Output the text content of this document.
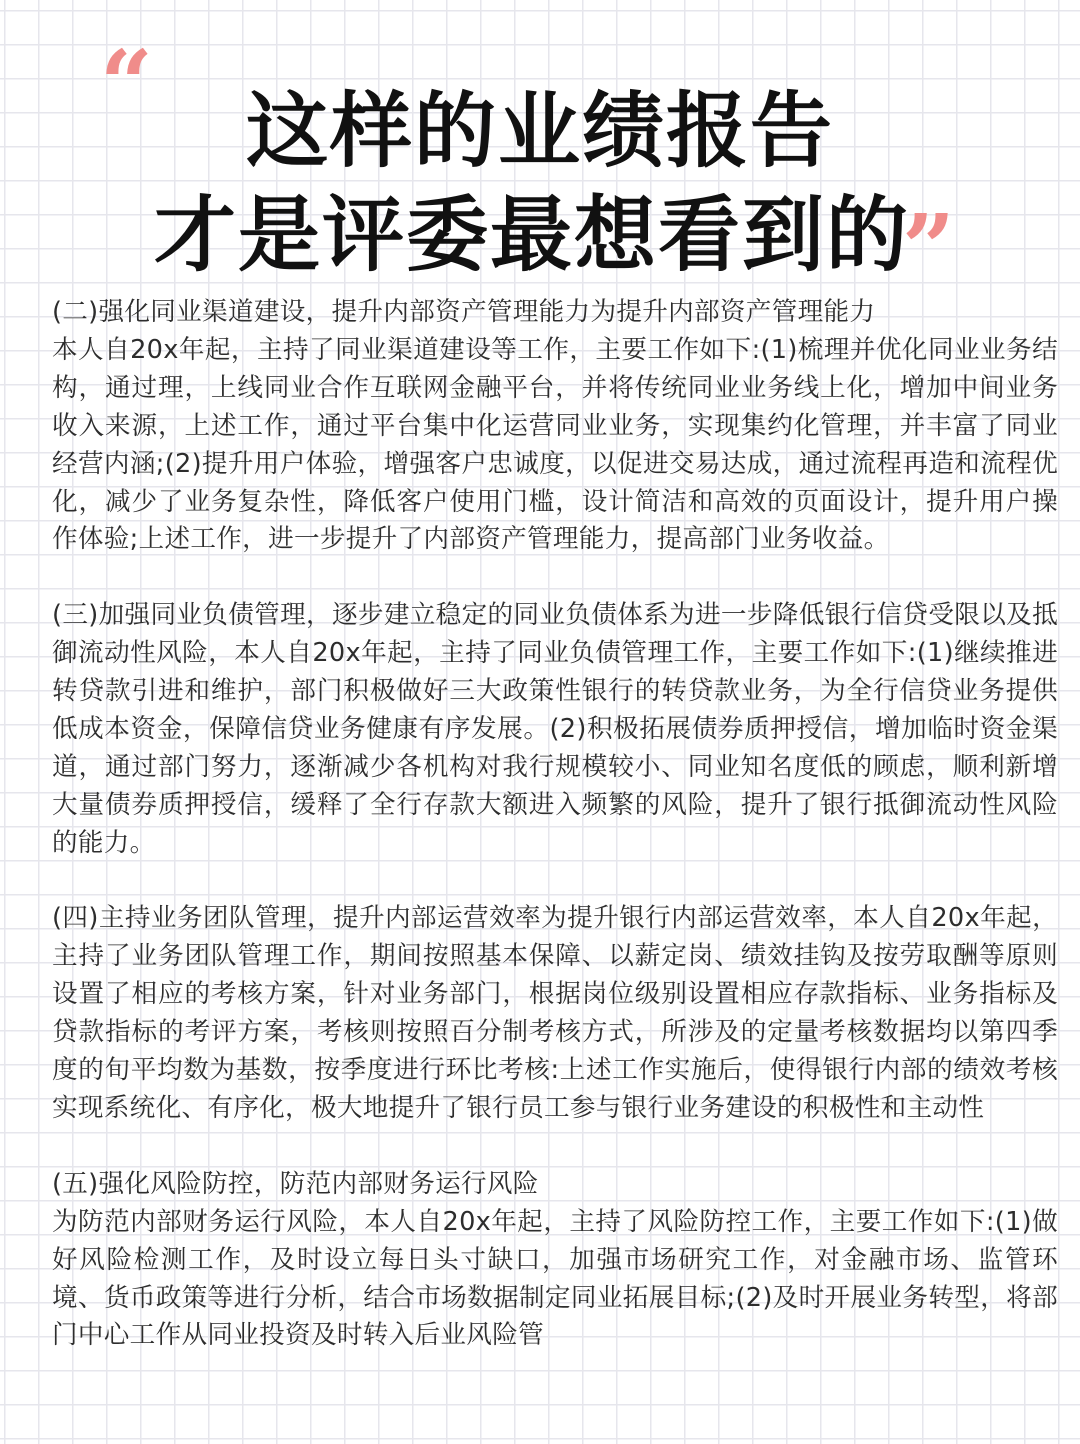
“	这样的业绩报告
才是评委最想看到的
”

(二)强化同业渠道建设，提升内部资产管理能力为提升内部资产管理能力

本人自20x年起，主持了同业渠道建设等工作，主要工作如下:(1)梳理并优化同业业务结构，通过理，上线同业合作互联网金融平台，并将传统同业业务线上化，增加中间业务收入来源，上述工作，通过平台集中化运营同业业务，实现集约化管理，并丰富了同业经营内涵;(2)提升用户体验，增强客户忠诚度，以促进交易达成，通过流程再造和流程优化，减少了业务复杂性，降低客户使用门槛，设计简洁和高效的页面设计，提升用户操作体验;上述工作，进一步提升了内部资产管理能力，提高部门业务收益。

(三)加强同业负债管理，逐步建立稳定的同业负债体系为进一步降低银行信贷受限以及抵御流动性风险，本人自20x年起，主持了同业负债管理工作，主要工作如下:(1)继续推进转贷款引进和维护，部门积极做好三大政策性银行的转贷款业务，为全行信贷业务提供低成本资金，保障信贷业务健康有序发展。(2)积极拓展债券质押授信，增加临时资金渠道，通过部门努力，逐渐减少各机构对我行规模较小、同业知名度低的顾虑，顺利新增大量债券质押授信，缓释了全行存款大额进入频繁的风险，提升了银行抵御流动性风险的能力。

(四)主持业务团队管理，提升内部运营效率为提升银行内部运营效率，本人自20x年起，主持了业务团队管理工作，期间按照基本保障、以薪定岗、绩效挂钩及按劳取酬等原则设置了相应的考核方案，针对业务部门，根据岗位级别设置相应存款指标、业务指标及贷款指标的考评方案，考核则按照百分制考核方式，所涉及的定量考核数据均以第四季度的旬平均数为基数，按季度进行环比考核:上述工作实施后，使得银行内部的绩效考核实现系统化、有序化，极大地提升了银行员工参与银行业务建设的积极性和主动性

(五)强化风险防控，防范内部财务运行风险

为防范内部财务运行风险，本人自20x年起，主持了风险防控工作，主要工作如下:(1)做好风险检测工作，及时设立每日头寸缺口，加强市场研究工作，对金融市场、监管环境、货币政策等进行分析，结合市场数据制定同业拓展目标;(2)及时开展业务转型，将部门中心工作从同业投资及时转入后业风险管
